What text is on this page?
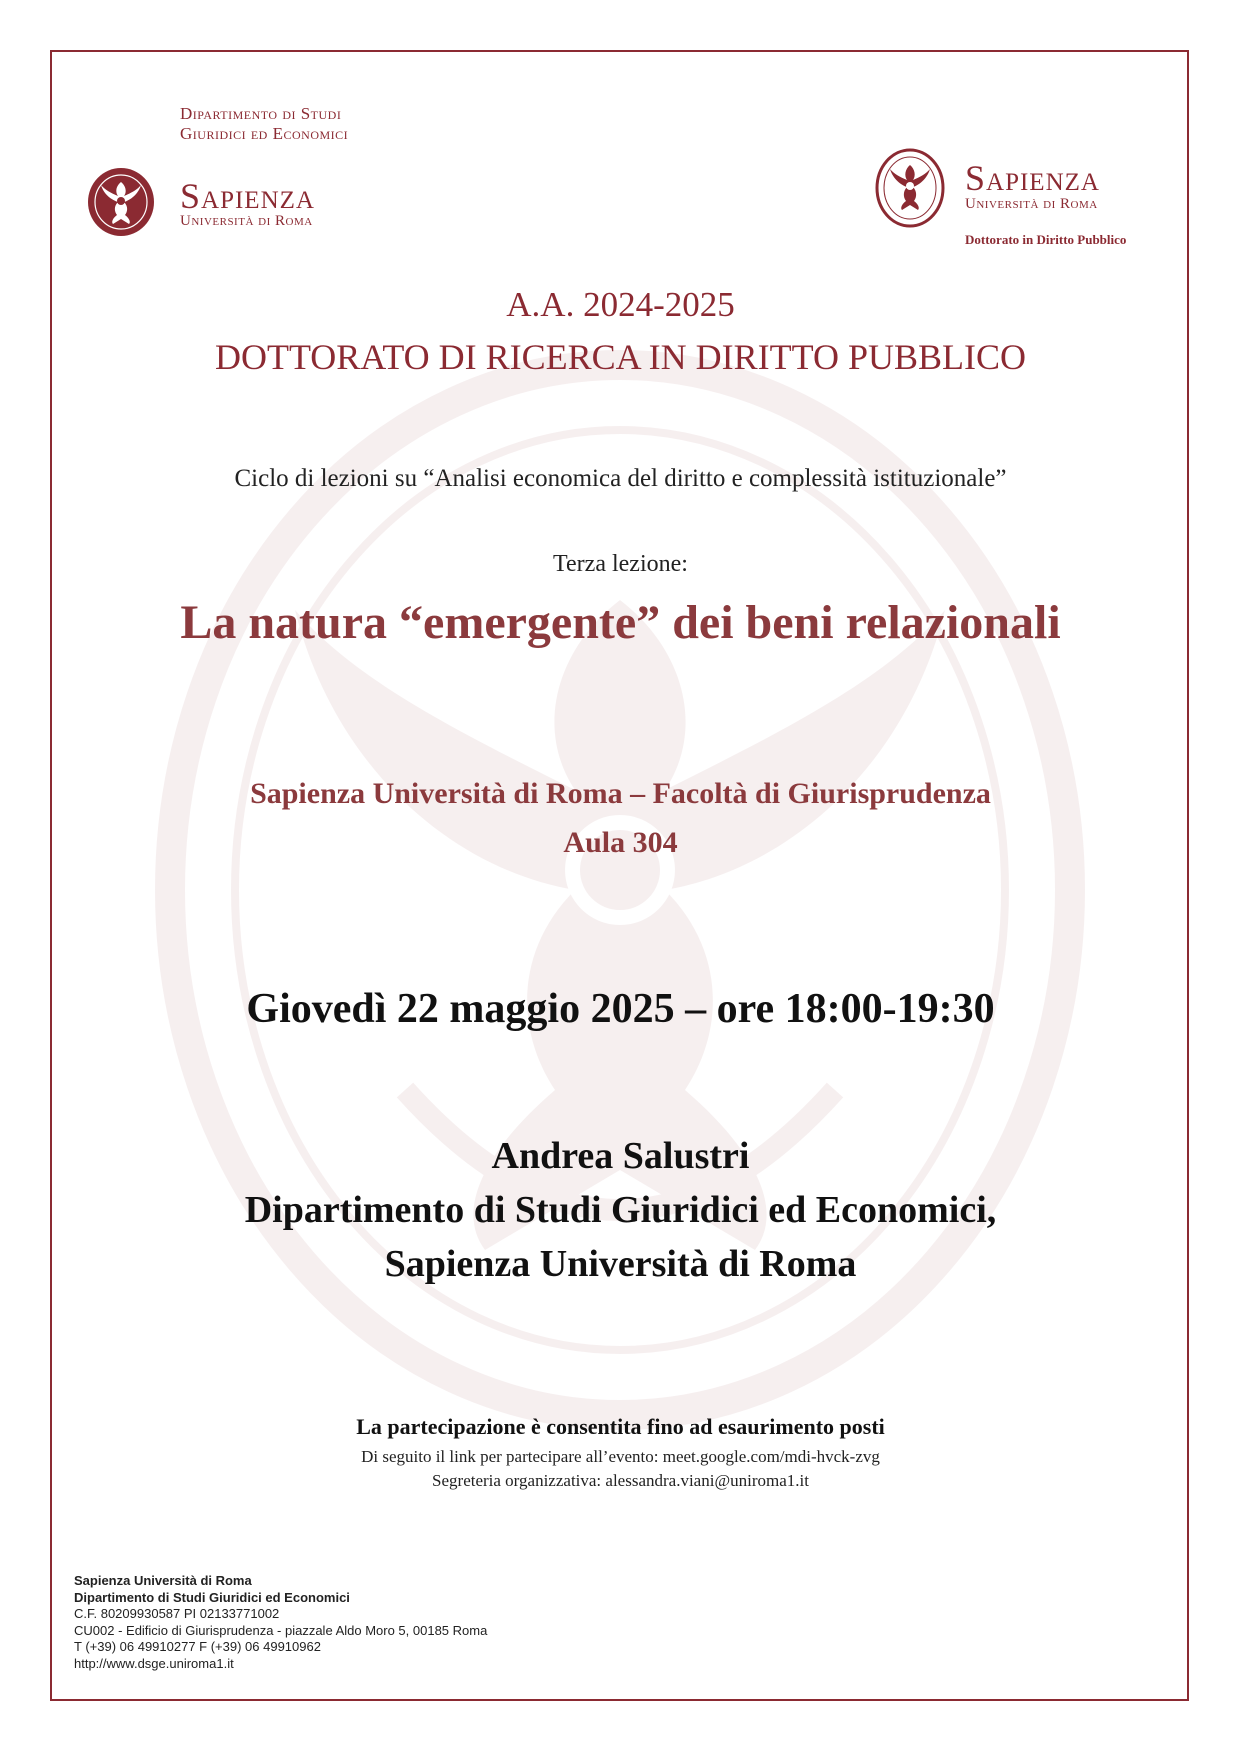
Dipartimento di Studi
Giuridici ed Economici
Sapienza
Università di Roma
Sapienza
Università di Roma
Dottorato in Diritto Pubblico
A.A. 2024-2025
DOTTORATO DI RICERCA IN DIRITTO PUBBLICO
Ciclo di lezioni su “Analisi economica del diritto e complessità istituzionale”
Terza lezione:
La natura “emergente” dei beni relazionali
Sapienza Università di Roma – Facoltà di Giurisprudenza
Aula 304
Giovedì 22 maggio 2025 – ore 18:00-19:30
Andrea Salustri
Dipartimento di Studi Giuridici ed Economici,
Sapienza Università di Roma
La partecipazione è consentita fino ad esaurimento posti
Di seguito il link per partecipare all’evento: meet.google.com/mdi-hvck-zvg
Segreteria organizzativa: alessandra.viani@uniroma1.it
Sapienza Università di Roma
Dipartimento di Studi Giuridici ed Economici
C.F. 80209930587 PI 02133771002
CU002 - Edificio di Giurisprudenza - piazzale Aldo Moro 5, 00185 Roma
T (+39) 06 49910277 F (+39) 06 49910962
http://www.dsge.uniroma1.it
